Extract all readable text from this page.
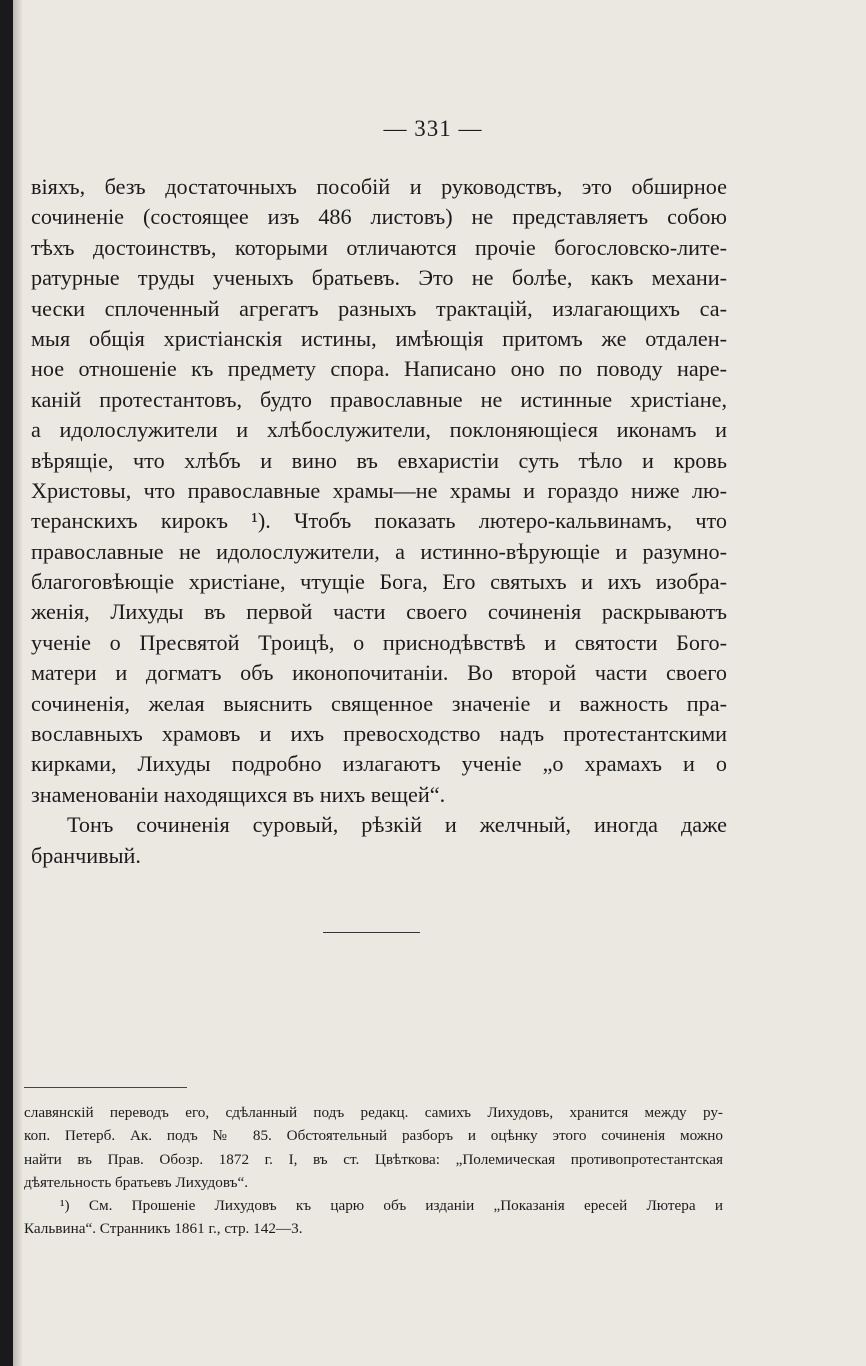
— 331 —
віяхъ, безъ достаточныхъ пособій и руководствъ, это обширное
сочиненіе (состоящее изъ 486 листовъ) не представляетъ собою
тѣхъ достоинствъ, которыми отличаются прочіе богословско-лите-
ратурные труды ученыхъ братьевъ. Это не болѣе, какъ механи-
чески сплоченный агрегатъ разныхъ трактацій, излагающихъ са-
мыя общія христіанскія истины, имѣющія притомъ же отдален-
ное отношеніе къ предмету спора. Написано оно по поводу наре-
каній протестантовъ, будто православные не истинные христіане,
а идолослужители и хлѣбослужители, поклоняющіеся иконамъ и
вѣрящіе, что хлѣбъ и вино въ евхаристіи суть тѣло и кровь
Христовы, что православные храмы—не храмы и гораздо ниже лю-
теранскихъ кирокъ ¹). Чтобъ показать лютеро-кальвинамъ, что
православные не идолослужители, а истинно-вѣрующіе и разумно-
благоговѣющіе христіане, чтущіе Бога, Его святыхъ и ихъ изобра-
женія, Лихуды въ первой части своего сочиненія раскрываютъ
ученіе о Пресвятой Троицѣ, о приснодѣвствѣ и святости Бого-
матери и догматъ объ иконопочитаніи. Во второй части своего
сочиненія, желая выяснить священное значеніе и важность пра-
вославныхъ храмовъ и ихъ превосходство надъ протестантскими
кирками, Лихуды подробно излагаютъ ученіе „о храмахъ и о
знаменованіи находящихся въ нихъ вещей“.
Тонъ сочиненія суровый, рѣзкій и желчный, иногда даже
бранчивый.
славянскій переводъ его, сдѣланный подъ редакц. самихъ Лихудовъ, хранится между ру-
коп. Петерб. Ак. подъ № 85. Обстоятельный разборъ и оцѣнку этого сочиненія можно
найти въ Прав. Обозр. 1872 г. I, въ ст. Цвѣткова: „Полемическая противопротестантская
дѣятельность братьевъ Лихудовъ“.
¹) См. Прошеніе Лихудовъ къ царю объ изданіи „Показанія ересей Лютера и
Кальвина“. Странникъ 1861 г., стр. 142—3.
